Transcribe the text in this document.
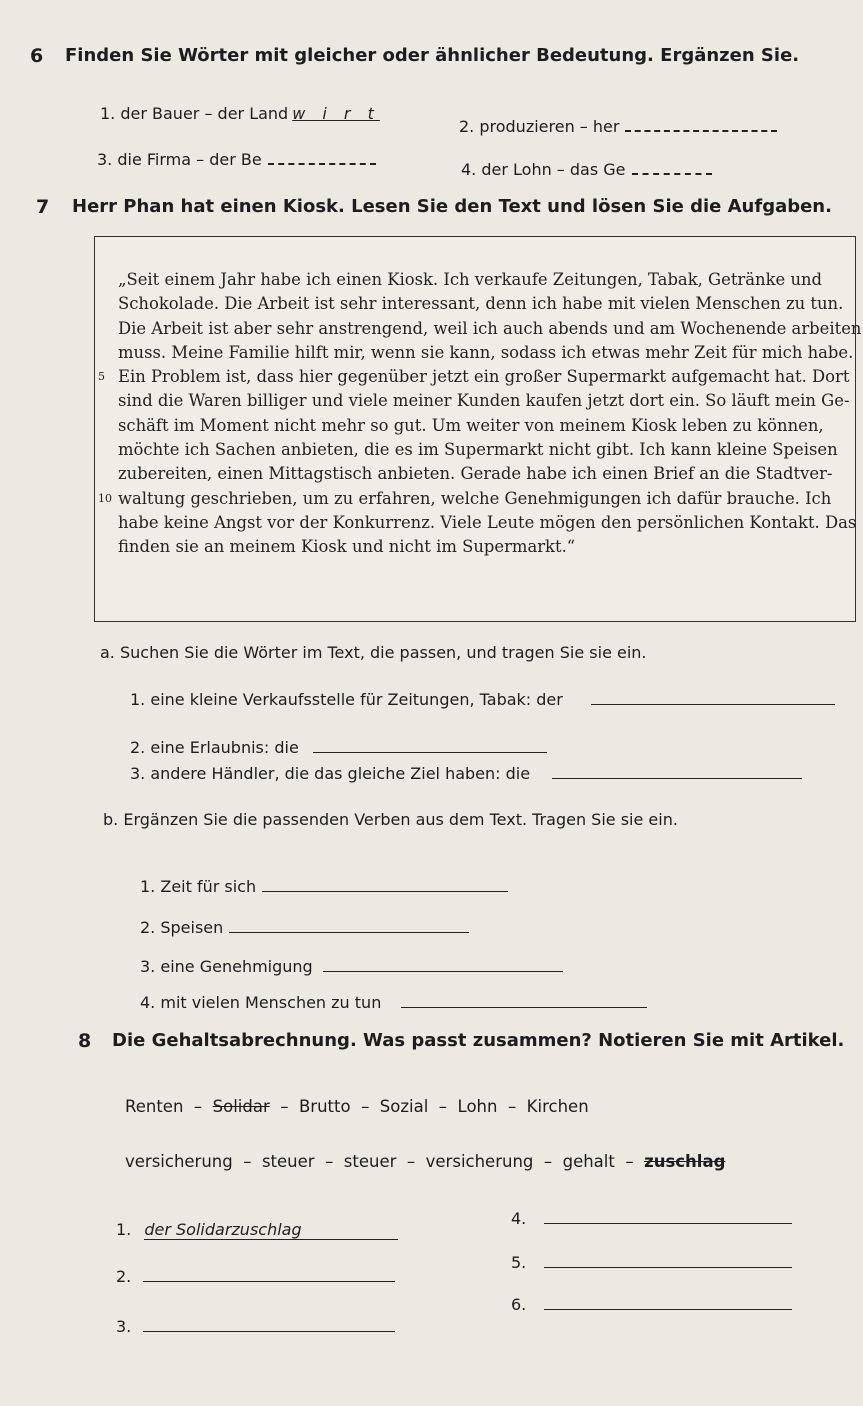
6 Finden Sie Wörter mit gleicher oder ähnlicher Bedeutung. Ergänzen Sie.
1. der Bauer – der Land w i r t
2. produzieren – her
3. die Firma – der Be
4. der Lohn – das Ge
7 Herr Phan hat einen Kiosk. Lesen Sie den Text und lösen Sie die Aufgaben.
„Seit einem Jahr habe ich einen Kiosk. Ich verkaufe Zeitungen, Tabak, Getränke und
Schokolade. Die Arbeit ist sehr interessant, denn ich habe mit vielen Menschen zu tun.
Die Arbeit ist aber sehr anstrengend, weil ich auch abends und am Wochenende arbeiten
muss. Meine Familie hilft mir, wenn sie kann, sodass ich etwas mehr Zeit für mich habe.
5 Ein Problem ist, dass hier gegenüber jetzt ein großer Supermarkt aufgemacht hat. Dort
sind die Waren billiger und viele meiner Kunden kaufen jetzt dort ein. So läuft mein Ge-
schäft im Moment nicht mehr so gut. Um weiter von meinem Kiosk leben zu können,
möchte ich Sachen anbieten, die es im Supermarkt nicht gibt. Ich kann kleine Speisen
zubereiten, einen Mittagstisch anbieten. Gerade habe ich einen Brief an die Stadtver-
10 waltung geschrieben, um zu erfahren, welche Genehmigungen ich dafür brauche. Ich
habe keine Angst vor der Konkurrenz. Viele Leute mögen den persönlichen Kontakt. Das
finden sie an meinem Kiosk und nicht im Supermarkt.“
a. Suchen Sie die Wörter im Text, die passen, und tragen Sie sie ein.
1. eine kleine Verkaufsstelle für Zeitungen, Tabak: der
2. eine Erlaubnis: die
3. andere Händler, die das gleiche Ziel haben: die
b. Ergänzen Sie die passenden Verben aus dem Text. Tragen Sie sie ein.
1. Zeit für sich
2. Speisen
3. eine Genehmigung
4. mit vielen Menschen zu tun
8 Die Gehaltsabrechnung. Was passt zusammen? Notieren Sie mit Artikel.
Renten  –  Solidar  –  Brutto  –  Sozial  –  Lohn  –  Kirchen
versicherung  –  steuer  –  steuer  –  versicherung  –  gehalt  –  zuschlag
1. der Solidarzuschlag
2.
3.
4.
5.
6.
